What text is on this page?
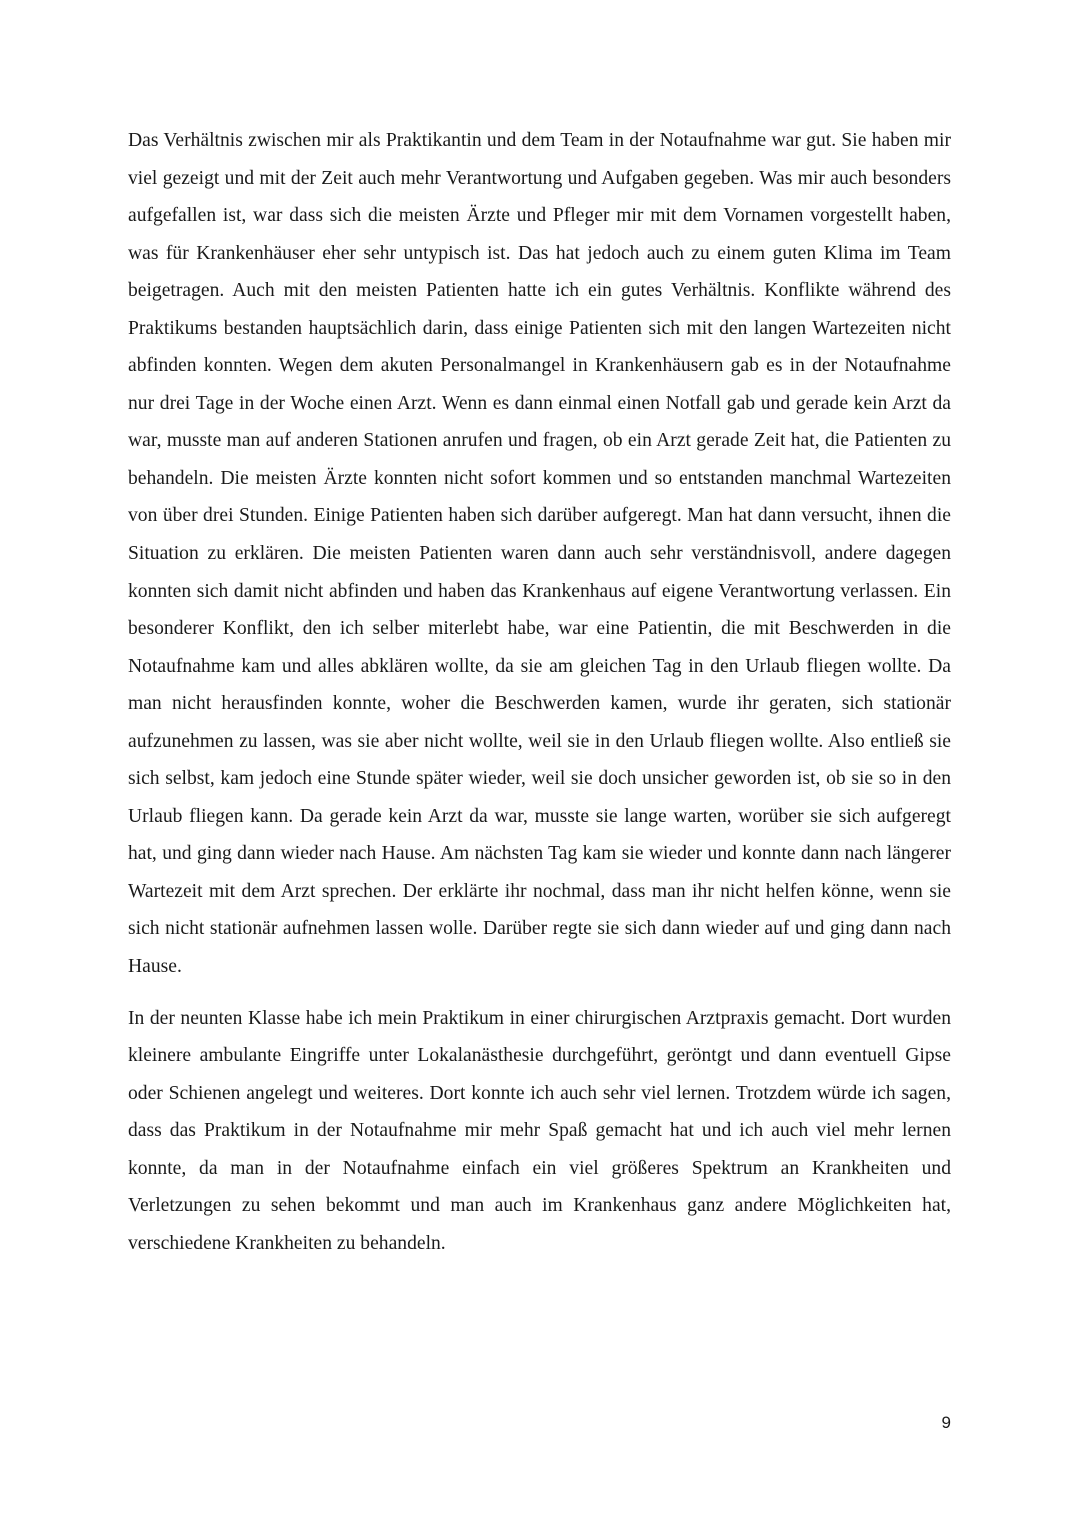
Das Verhältnis zwischen mir als Praktikantin und dem Team in der Notaufnahme war gut. Sie haben mir viel gezeigt und mit der Zeit auch mehr Verantwortung und Aufgaben gegeben. Was mir auch besonders aufgefallen ist, war dass sich die meisten Ärzte und Pfleger mir mit dem Vornamen vorgestellt haben, was für Krankenhäuser eher sehr untypisch ist. Das hat jedoch auch zu einem guten Klima im Team beigetragen. Auch mit den meisten Patienten hatte ich ein gutes Verhältnis. Konflikte während des Praktikums bestanden hauptsächlich darin, dass einige Patienten sich mit den langen Wartezeiten nicht abfinden konnten. Wegen dem akuten Personalmangel in Krankenhäusern gab es in der Notaufnahme nur drei Tage in der Woche einen Arzt. Wenn es dann einmal einen Notfall gab und gerade kein Arzt da war, musste man auf anderen Stationen anrufen und fragen, ob ein Arzt gerade Zeit hat, die Patienten zu behandeln. Die meisten Ärzte konnten nicht sofort kommen und so entstanden manchmal Wartezeiten von über drei Stunden. Einige Patienten haben sich darüber aufgeregt. Man hat dann versucht, ihnen die Situation zu erklären. Die meisten Patienten waren dann auch sehr verständnisvoll, andere dagegen konnten sich damit nicht abfinden und haben das Krankenhaus auf eigene Verantwortung verlassen. Ein besonderer Konflikt, den ich selber miterlebt habe, war eine Patientin, die mit Beschwerden in die Notaufnahme kam und alles abklären wollte, da sie am gleichen Tag in den Urlaub fliegen wollte. Da man nicht herausfinden konnte, woher die Beschwerden kamen, wurde ihr geraten, sich stationär aufzunehmen zu lassen, was sie aber nicht wollte, weil sie in den Urlaub fliegen wollte. Also entließ sie sich selbst, kam jedoch eine Stunde später wieder, weil sie doch unsicher geworden ist, ob sie so in den Urlaub fliegen kann. Da gerade kein Arzt da war, musste sie lange warten, worüber sie sich aufgeregt hat, und ging dann wieder nach Hause. Am nächsten Tag kam sie wieder und konnte dann nach längerer Wartezeit mit dem Arzt sprechen. Der erklärte ihr nochmal, dass man ihr nicht helfen könne, wenn sie sich nicht stationär aufnehmen lassen wolle. Darüber regte sie sich dann wieder auf und ging dann nach Hause.

In der neunten Klasse habe ich mein Praktikum in einer chirurgischen Arztpraxis gemacht. Dort wurden kleinere ambulante Eingriffe unter Lokalanästhesie durchgeführt, geröntgt und dann eventuell Gipse oder Schienen angelegt und weiteres. Dort konnte ich auch sehr viel lernen. Trotzdem würde ich sagen, dass das Praktikum in der Notaufnahme mir mehr Spaß gemacht hat und ich auch viel mehr lernen konnte, da man in der Notaufnahme einfach ein viel größeres Spektrum an Krankheiten und Verletzungen zu sehen bekommt und man auch im Krankenhaus ganz andere Möglichkeiten hat, verschiedene Krankheiten zu behandeln.

9
